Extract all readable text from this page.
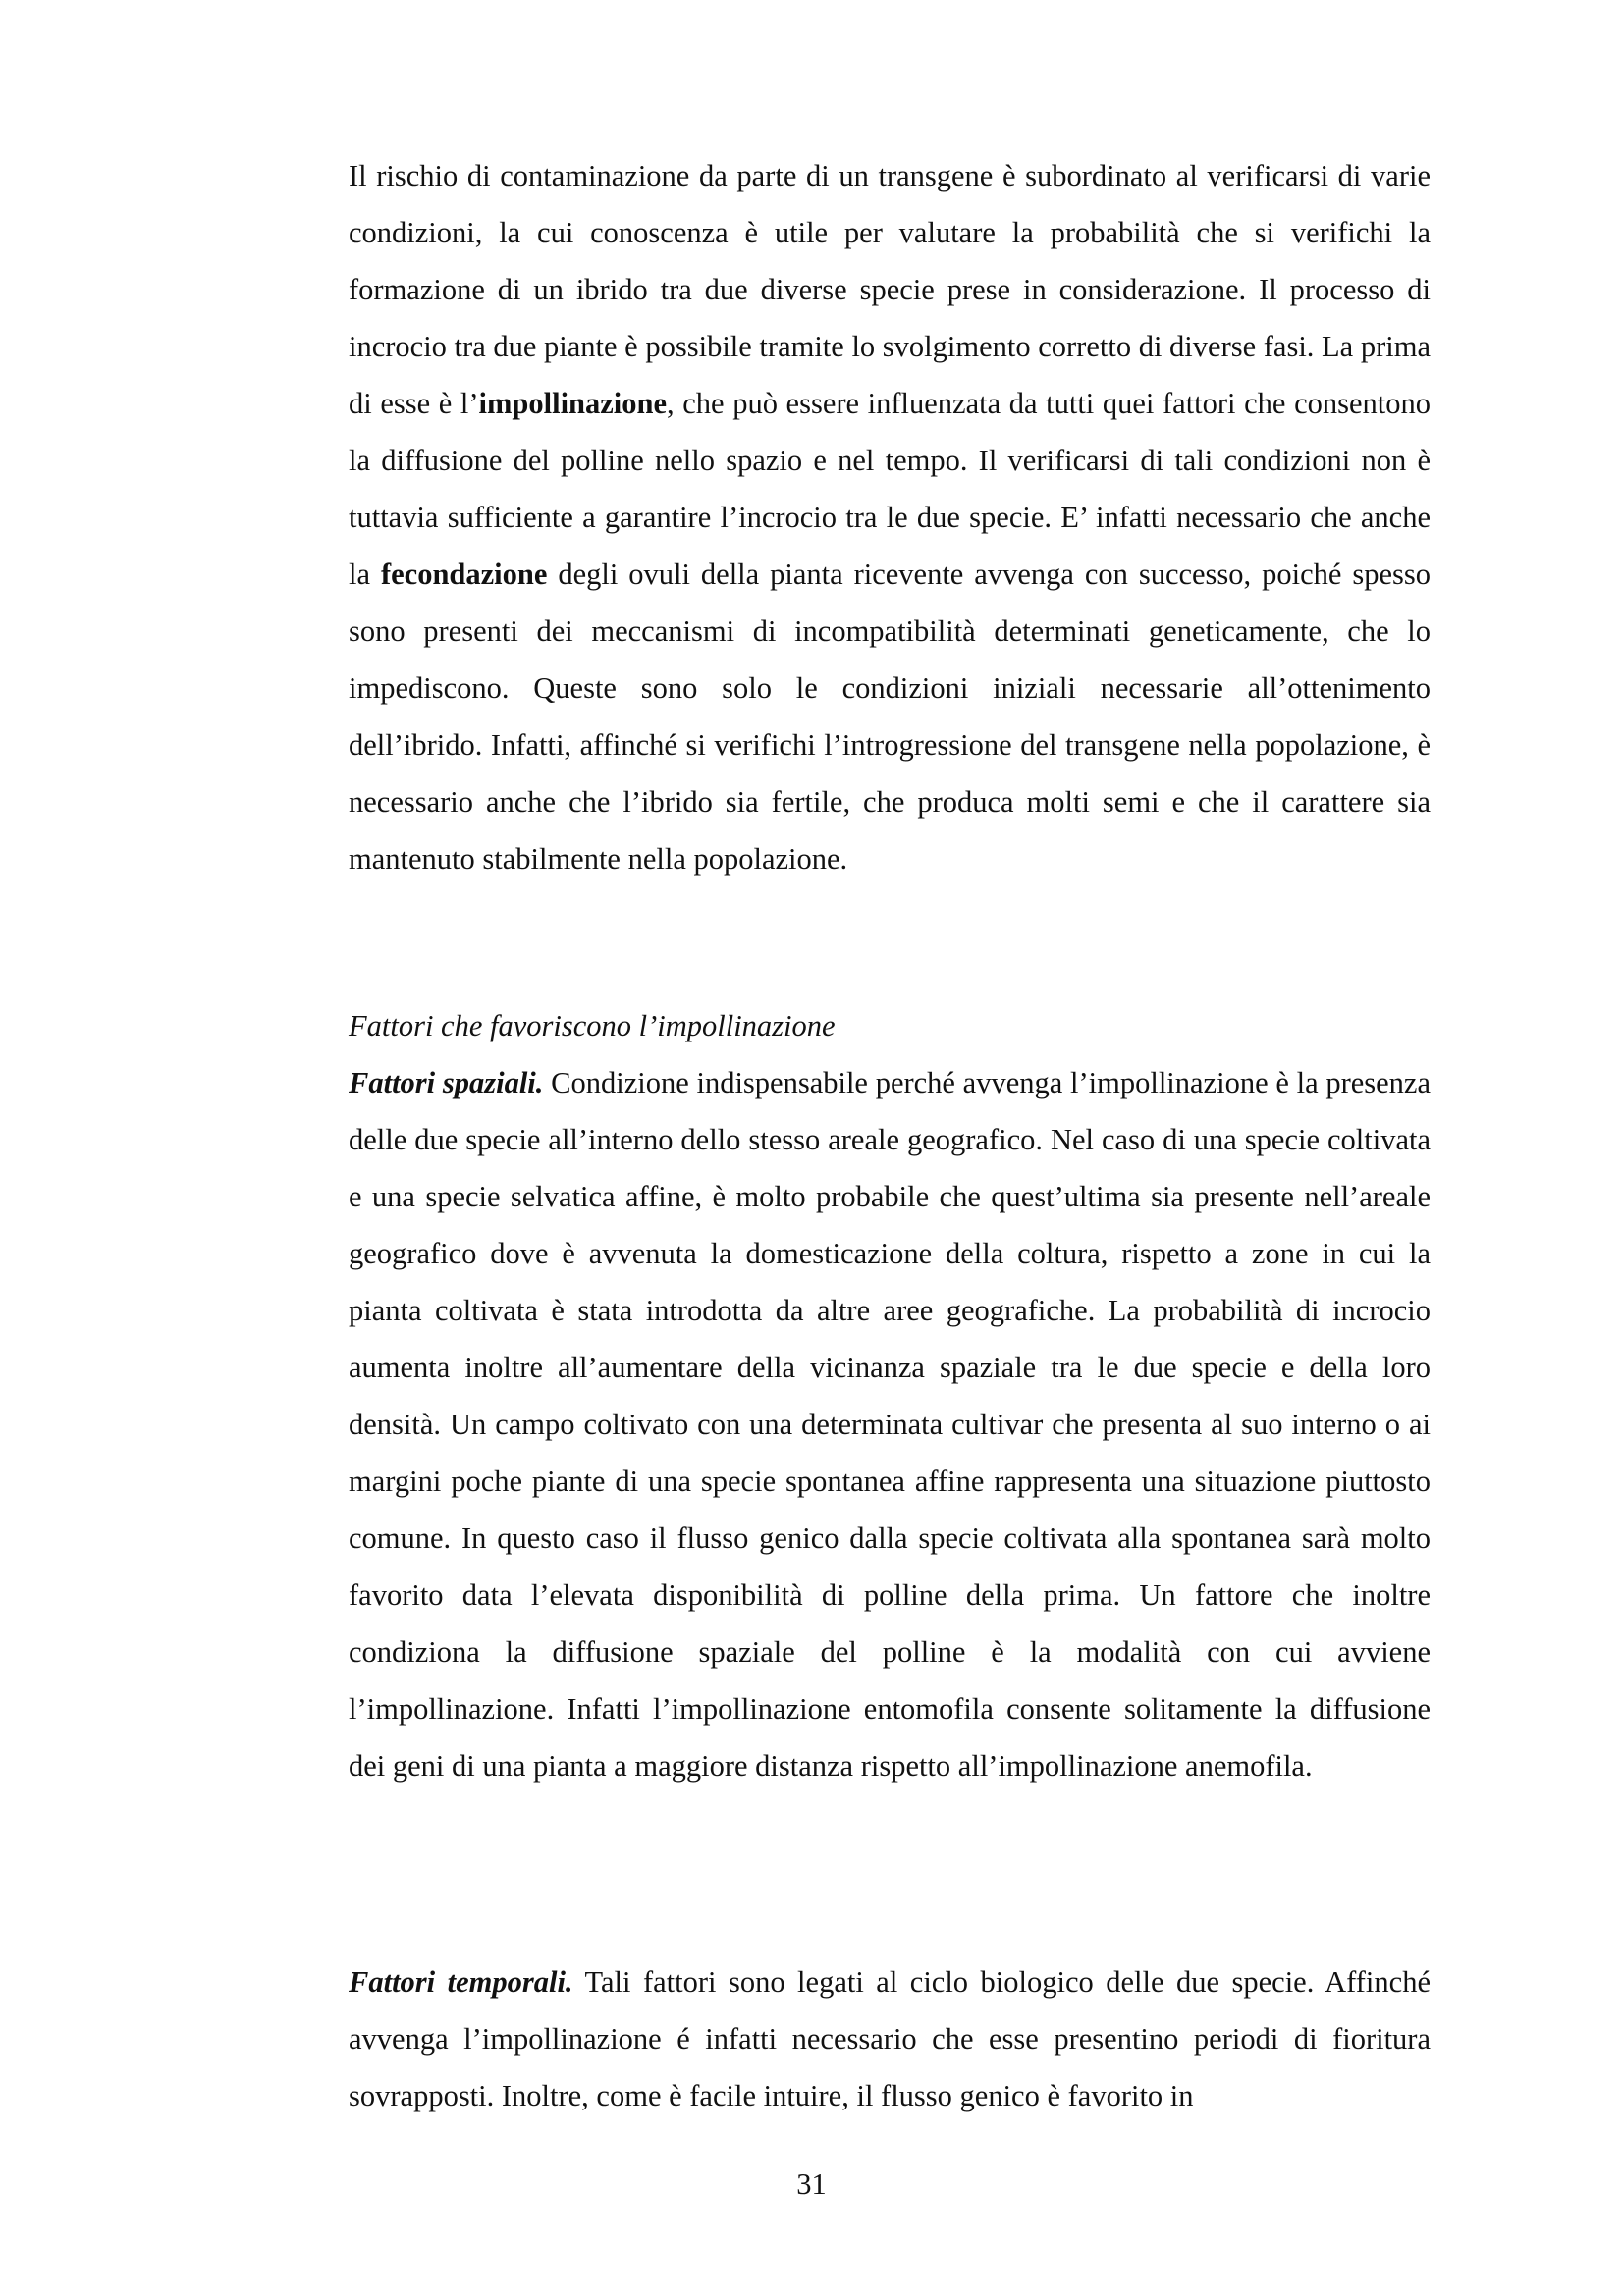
Il rischio di contaminazione da parte di un transgene è subordinato al verificarsi di varie condizioni, la cui conoscenza è utile per valutare la probabilità che si verifichi la formazione di un ibrido tra due diverse specie prese in considerazione. Il processo di incrocio tra due piante è possibile tramite lo svolgimento corretto di diverse fasi. La prima di esse è l’impollinazione, che può essere influenzata da tutti quei fattori che consentono la diffusione del polline nello spazio e nel tempo. Il verificarsi di tali condizioni non è tuttavia sufficiente a garantire l’incrocio tra le due specie. E’ infatti necessario che anche la fecondazione degli ovuli della pianta ricevente avvenga con successo, poiché spesso sono presenti dei meccanismi di incompatibilità determinati geneticamente, che lo impediscono. Queste sono solo le condizioni iniziali necessarie all’ottenimento dell’ibrido. Infatti, affinché si verifichi l’introgressione del transgene nella popolazione, è necessario anche che l’ibrido sia fertile, che produca molti semi e che il carattere sia mantenuto stabilmente nella popolazione.

Fattori che favoriscono l’impollinazione

Fattori spaziali. Condizione indispensabile perché avvenga l’impollinazione è la presenza delle due specie all’interno dello stesso areale geografico. Nel caso di una specie coltivata e una specie selvatica affine, è molto probabile che quest’ultima sia presente nell’areale geografico dove è avvenuta la domesticazione della coltura, rispetto a zone in cui la pianta coltivata è stata introdotta da altre aree geografiche. La probabilità di incrocio aumenta inoltre all’aumentare della vicinanza spaziale tra le due specie e della loro densità. Un campo coltivato con una determinata cultivar che presenta al suo interno o ai margini poche piante di una specie spontanea affine rappresenta una situazione piuttosto comune. In questo caso il flusso genico dalla specie coltivata alla spontanea sarà molto favorito data l’elevata disponibilità di polline della prima. Un fattore che inoltre condiziona la diffusione spaziale del polline è la modalità con cui avviene l’impollinazione. Infatti l’impollinazione entomofila consente solitamente la diffusione dei geni di una pianta a maggiore distanza rispetto all’impollinazione anemofila.

Fattori temporali. Tali fattori sono legati al ciclo biologico delle due specie. Affinché avvenga l’impollinazione é infatti necessario che esse presentino periodi di fioritura sovrapposti. Inoltre, come è facile intuire, il flusso genico è favorito in

31
